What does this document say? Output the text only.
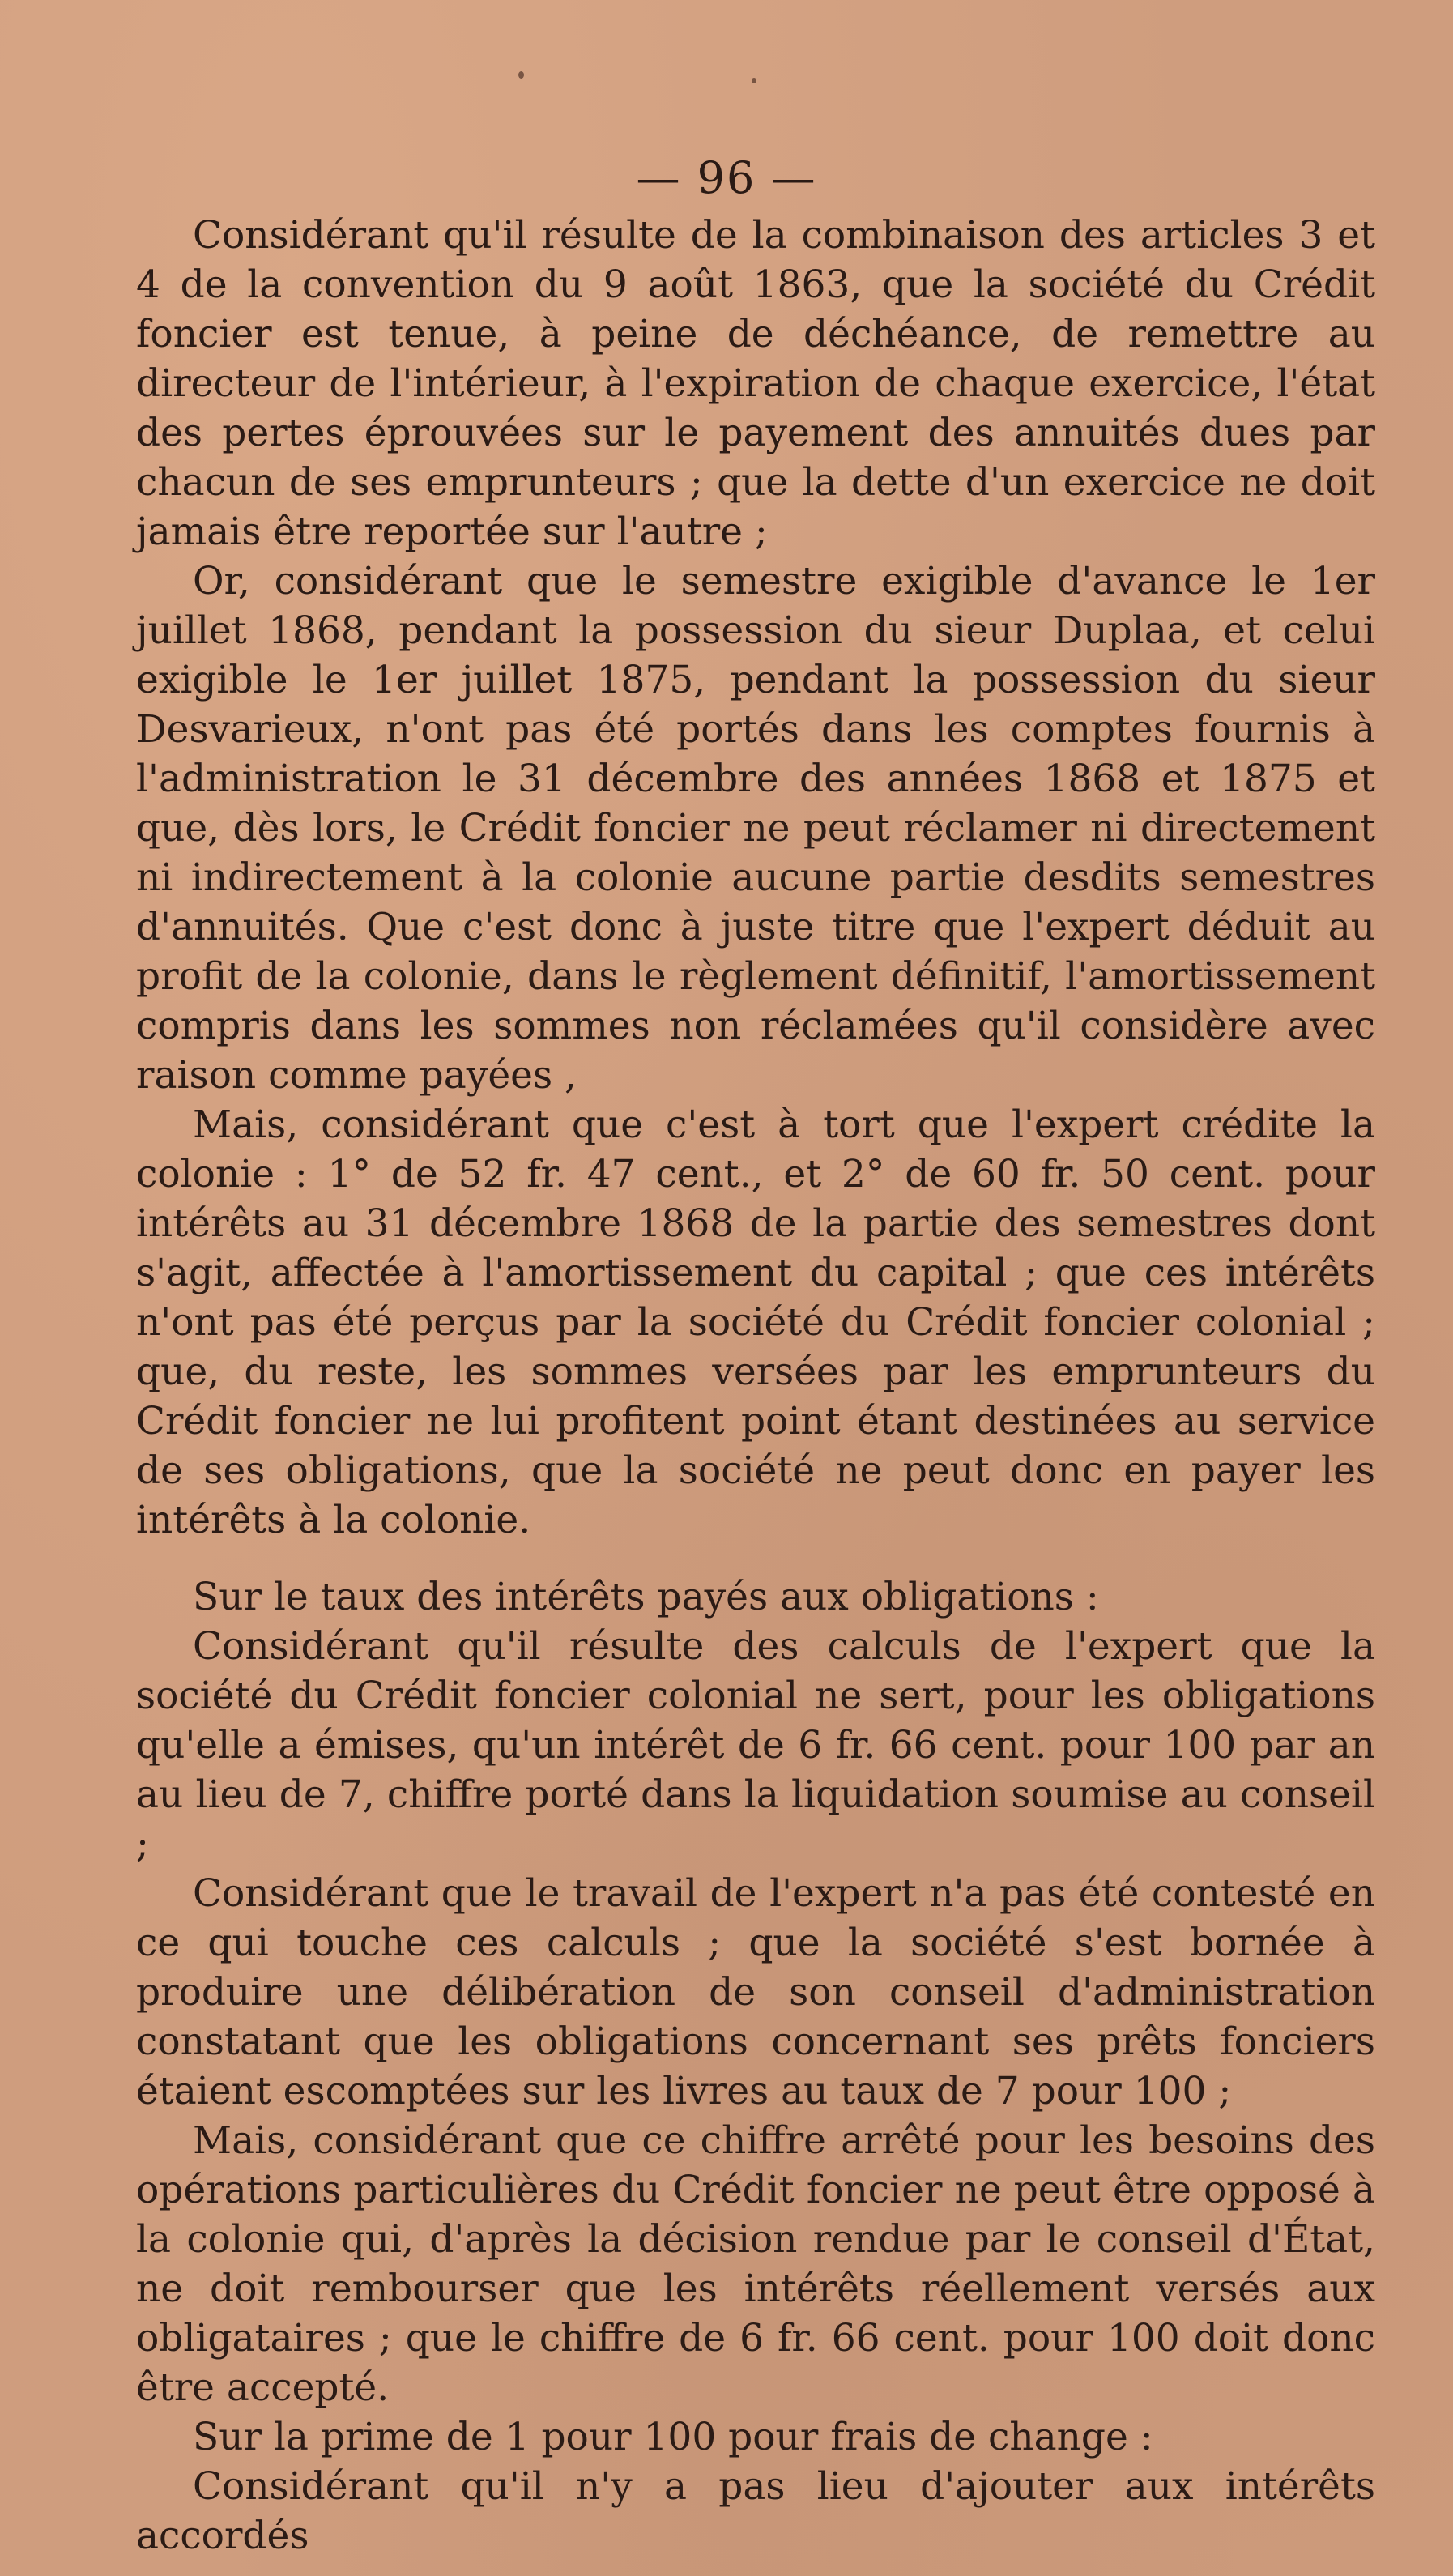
— 96 —

Considérant qu'il résulte de la combinaison des articles 3 et 4 de la convention du 9 août 1863, que la société du Crédit foncier est tenue, à peine de déchéance, de remettre au directeur de l'intérieur, à l'expiration de chaque exercice, l'état des pertes éprouvées sur le payement des annuités dues par chacun de ses emprunteurs ; que la dette d'un exercice ne doit jamais être reportée sur l'autre ;

Or, considérant que le semestre exigible d'avance le 1er juillet 1868, pendant la possession du sieur Duplaa, et celui exigible le 1er juillet 1875, pendant la possession du sieur Desvarieux, n'ont pas été portés dans les comptes fournis à l'administration le 31 décembre des années 1868 et 1875 et que, dès lors, le Crédit foncier ne peut réclamer ni directement ni indirectement à la colonie aucune partie desdits semestres d'annuités. Que c'est donc à juste titre que l'expert déduit au profit de la colonie, dans le règlement définitif, l'amortissement compris dans les sommes non réclamées qu'il considère avec raison comme payées ,

Mais, considérant que c'est à tort que l'expert crédite la colonie : 1° de 52 fr. 47 cent., et 2° de 60 fr. 50 cent. pour intérêts au 31 décembre 1868 de la partie des semestres dont s'agit, affectée à l'amortissement du capital ; que ces intérêts n'ont pas été perçus par la société du Crédit foncier colonial ; que, du reste, les sommes versées par les emprunteurs du Crédit foncier ne lui profitent point étant destinées au service de ses obligations, que la société ne peut donc en payer les intérêts à la colonie.

Sur le taux des intérêts payés aux obligations :

Considérant qu'il résulte des calculs de l'expert que la société du Crédit foncier colonial ne sert, pour les obligations qu'elle a émises, qu'un intérêt de 6 fr. 66 cent. pour 100 par an au lieu de 7, chiffre porté dans la liquidation soumise au conseil ;

Considérant que le travail de l'expert n'a pas été contesté en ce qui touche ces calculs ; que la société s'est bornée à produire une délibération de son conseil d'administration constatant que les obligations concernant ses prêts fonciers étaient escomptées sur les livres au taux de 7 pour 100 ;

Mais, considérant que ce chiffre arrêté pour les besoins des opérations particulières du Crédit foncier ne peut être opposé à la colonie qui, d'après la décision rendue par le conseil d'État, ne doit rembourser que les intérêts réellement versés aux obligataires ; que le chiffre de 6 fr. 66 cent. pour 100 doit donc être accepté.

Sur la prime de 1 pour 100 pour frais de change :

Considérant qu'il n'y a pas lieu d'ajouter aux intérêts accordés
